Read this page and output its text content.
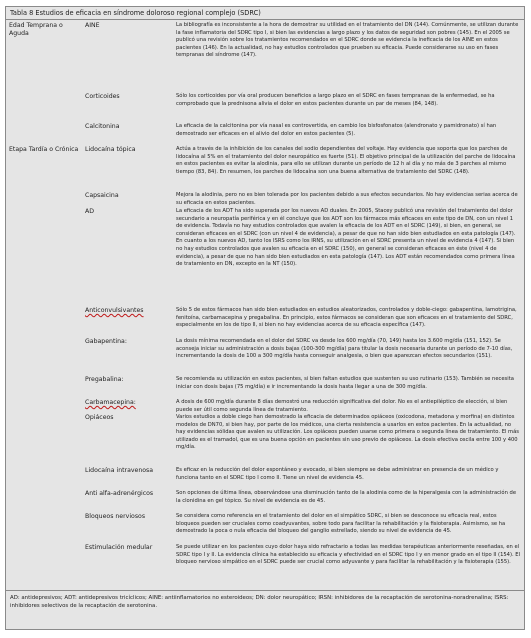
Tabla 8 Estudios de eficacia en síndrome doloroso regional complejo (SDRC)
Edad Temprana o Aguda
AINE	La bibliografía es inconsistente a la hora de demostrar su utilidad en el tratamiento del DN (144). Comúnmente, se utilizan durante la fase inflamatoria del SDRC tipo I, si bien las evidencias a largo plazo y los datos de seguridad son pobres (145). En el 2005 se publicó una revisión sobre los tratamientos recomendados en el SDRC donde se evidencia la ineficacia de los AINE en estos pacientes (146). En la actualidad, no hay estudios controlados que prueben su eficacia. Puede considerarse su uso en fases tempranas del síndrome (147).
Corticoides	Sólo los corticoides por vía oral producen beneficios a largo plazo en el SDRC en fases tempranas de la enfermedad, se ha comprobado que la prednisona alivia el dolor en estos pacientes durante un par de meses (84, 148).
Calcitonina	La eficacia de la calcitonina por vía nasal es controvertida, en cambio los bisfosfonatos (alendronato y pamidronato) sí han demostrado ser eficaces en el alivio del dolor en estos pacientes (5).
Etapa Tardía o Crónica	Lidocaína tópica	Actúa a través de la inhibición de los canales del sodio dependientes del voltaje. Hay evidencia que soporta que los parches de lidocaína al 5% en el tratamiento del dolor neuropático es fuerte (51). El objetivo principal de la utilización del parche de lidocaína en estos pacientes es evitar la alodinia, para ello se utilizan durante un período de 12 h al día y no más de 3 parches al mismo tiempo (83, 84). En resumen, los parches de lidocaína son una buena alternativa de tratamiento del SDRC (148).
Capsaicina	Mejora la alodinia, pero no es bien tolerada por los pacientes debido a sus efectos secundarios. No hay evidencias serias acerca de su eficacia en estos pacientes.
AD	La eficacia de los ADT ha sido superada por los nuevos AD duales. En 2005, Stacey publicó una revisión del tratamiento del dolor secundario a neuropatía periférica y en él concluye que los ADT son los fármacos más eficaces en este tipo de DN, con un nivel 1 de evidencia. Todavía no hay estudios controlados que avalen la eficacia de los ADT en el SDRC (149), si bien, en general, se consideran eficaces en el SDRC (con un nivel 4 de evidencia), a pesar de que no han sido bien estudiados en esta patología (147). En cuanto a los nuevos AD, tanto los ISRS como los IRNS, su utilización en el SDRC presenta un nivel de evidencia 4 (147). Si bien no hay estudios controlados que avalen su eficacia en el SDRC (150), en general se consideran eficaces en éste (nivel 4 de evidencia), a pesar de que no han sido bien estudiados en esta patología (147). Los ADT están recomendados como primera línea de tratamiento en DN, excepto en la NT (150).
Anticonvulsivantes	Sólo 5 de estos fármacos han sido bien estudiados en estudios aleatorizados, controlados y doble-ciego: gabapentina, lamotrigina, fenitoína, carbamacepina y pregabalina. En principio, estos fármacos se consideran que son eficaces en el tratamiento del SDRC, especialmente en los de tipo II, si bien no hay evidencias acerca de su eficacia específica (147).
Gabapentina:	La dosis mínima recomendada en el dolor del SDRC va desde los 600 mg/día (70, 149) hasta los 3.600 mg/día (151, 152). Se aconseja iniciar su administración a dosis bajas (100-300 mg/día) para titular la dosis necesaria durante un período de 7-10 días, incrementando la dosis de 100 a 300 mg/día hasta conseguir analgesia, o bien que aparezcan efectos secundarios (151).
Pregabalina:	Se recomienda su utilización en estos pacientes, si bien faltan estudios que sustenten su uso rutinario (153). También se necesita iniciar con dosis bajas (75 mg/día) e ir incrementando la dosis hasta llegar a una de 300 mg/día.
Carbamacepina:	A dosis de 600 mg/día durante 8 días demostró una reducción significativa del dolor. No es el antiepiléptico de elección, si bien puede ser útil como segunda línea de tratamiento.
Opiáceos	Varios estudios a doble ciego han demostrado la eficacia de determinados opiáceos (oxicodona, metadona y morfina) en distintos modelos de DN70, si bien hay, por parte de los médicos, una cierta resistencia a usarlos en estos pacientes. En la actualidad, no hay evidencias sólidas que avalen su utilización. Los opiáceos pueden usarse como primera o segunda línea de tratamiento. El más utilizado es el tramadol, que es una buena opción en pacientes sin uso previo de opiáceos. La dosis efectiva oscila entre 100 y 400 mg/día.
Lidocaína intravenosa	Es eficaz en la reducción del dolor espontáneo y evocado, si bien siempre se debe administrar en presencia de un médico y funciona tanto en el SDRC tipo I como II. Tiene un nivel de evidencia 45.
Anti alfa-adrenérgicos	Son opciones de última línea, observándose una disminución tanto de la alodinia como de la hiperalgesia con la administración de la clonidina en gel tópico. Su nivel de evidencia es de 45.
Bloqueos nerviosos	Se considera como referencia en el tratamiento del dolor en el simpático SDRC, si bien se desconoce su eficacia real, estos bloqueos pueden ser cruciales como coadyuvantes, sobre todo para facilitar la rehabilitación y la fisioterapia. Asimismo, se ha demostrado la poca o nula eficacia del bloqueo del ganglio estrellado, siendo su nivel de evidencia de 45.
Estimulación medular	Se puede utilizar en los pacientes cuyo dolor haya sido refractario a todas las medidas terapéuticas anteriormente reseñadas, en el SDRC tipo I y II. La evidencia clínica ha establecido su eficacia y efectividad en el SDRC tipo I y en menor grado en el tipo II (154). El bloqueo nervioso simpático en el SDRC puede ser crucial como adyuvante y para facilitar la rehabilitación y la fisioterapia (155).
AD: antidepresivos; ADT: antidepresivos tricíclicos; AINE: antiinflamatorios no esteroideos; DN: dolor neuropático; IRSN: inhibidores de la recaptación de serotonina-noradrenalina; ISRS: inhibidores selectivos de la recaptación de serotonina.
